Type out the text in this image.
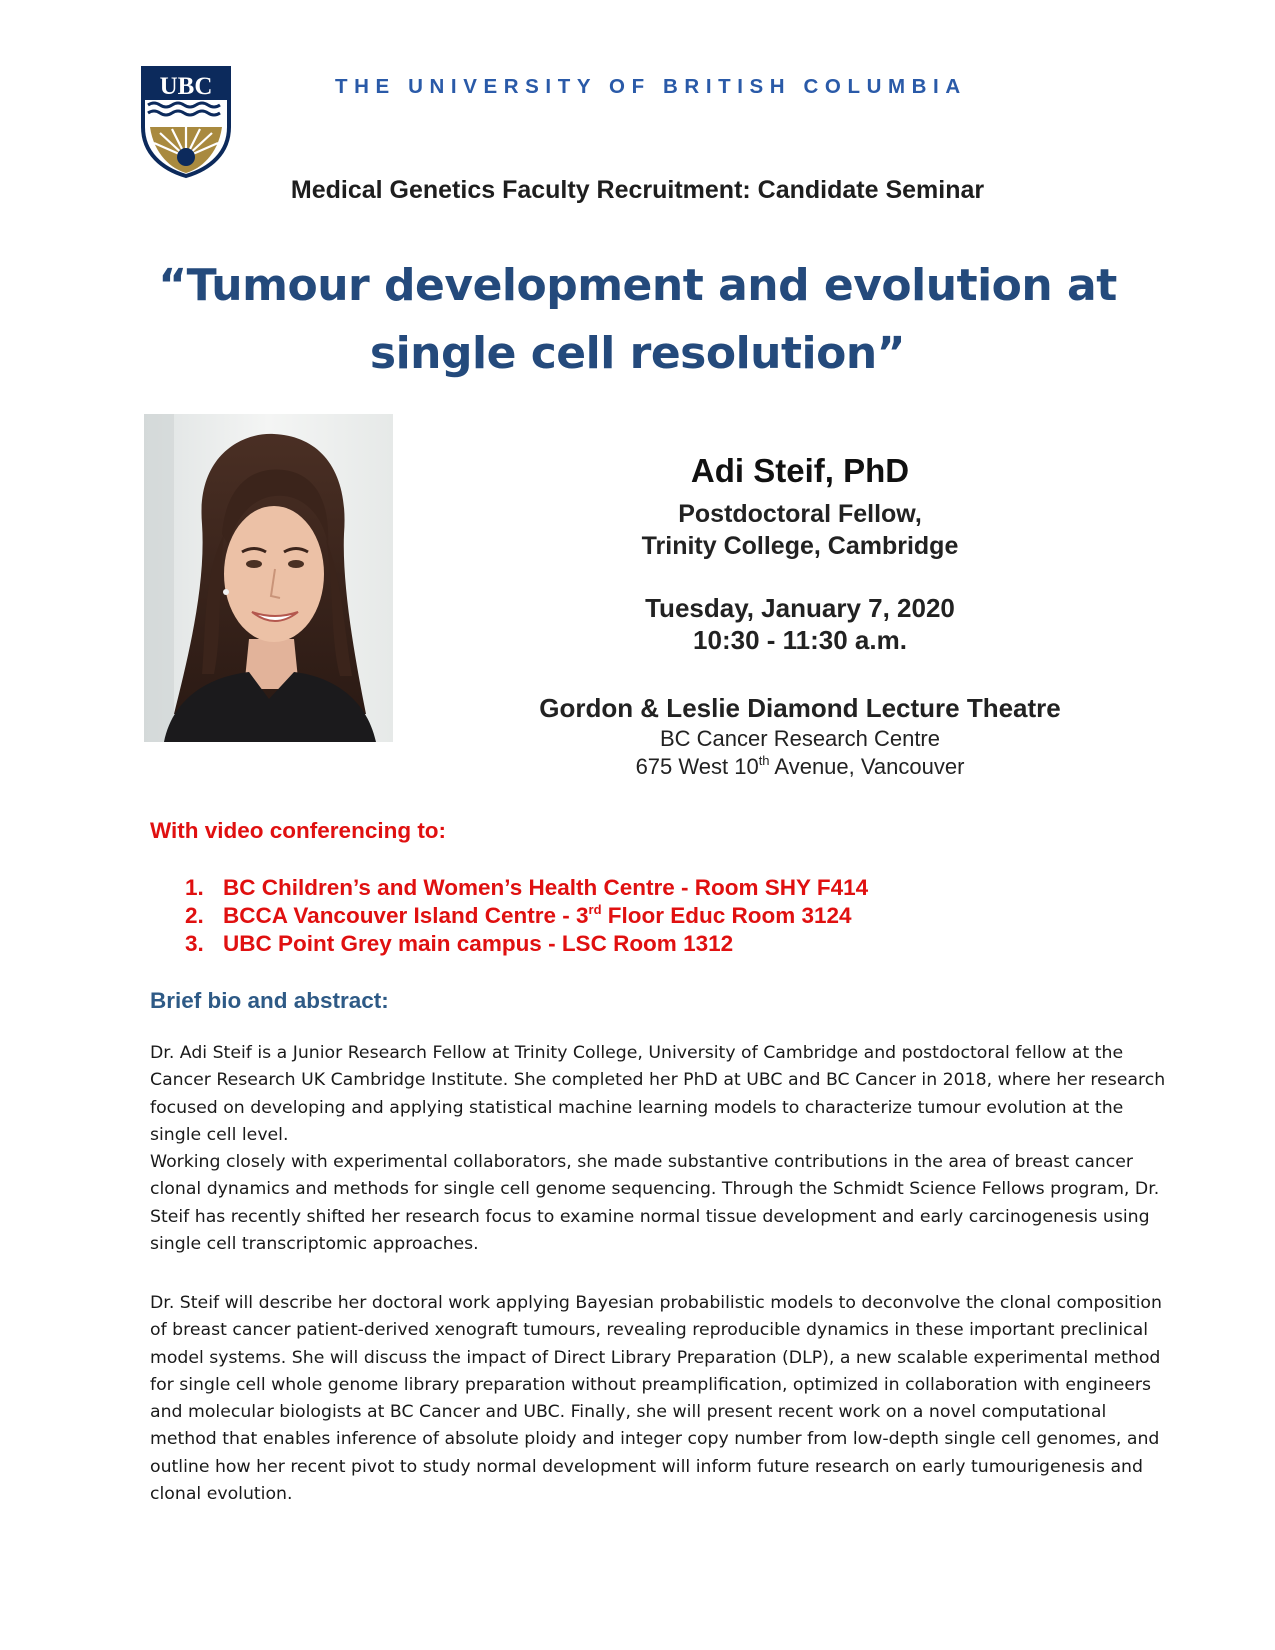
UBC	THE UNIVERSITY OF BRITISH COLUMBIA
Medical Genetics Faculty Recruitment: Candidate Seminar
“Tumour development and evolution at
single cell resolution”
Adi Steif, PhD
Postdoctoral Fellow,
Trinity College, Cambridge
Tuesday, January 7, 2020
10:30 - 11:30 a.m.
Gordon & Leslie Diamond Lecture Theatre
BC Cancer Research Centre
675 West 10th Avenue, Vancouver
With video conferencing to:
1. BC Children’s and Women’s Health Centre - Room SHY F414
2. BCCA Vancouver Island Centre - 3rd Floor Educ Room 3124
3. UBC Point Grey main campus - LSC Room 1312
Brief bio and abstract:

Dr. Adi Steif is a Junior Research Fellow at Trinity College, University of Cambridge and postdoctoral fellow at the Cancer Research UK Cambridge Institute. She completed her PhD at UBC and BC Cancer in 2018, where her research focused on developing and applying statistical machine learning models to characterize tumour evolution at the single cell level.

Working closely with experimental collaborators, she made substantive contributions in the area of breast cancer clonal dynamics and methods for single cell genome sequencing. Through the Schmidt Science Fellows program, Dr. Steif has recently shifted her research focus to examine normal tissue development and early carcinogenesis using single cell transcriptomic approaches.

Dr. Steif will describe her doctoral work applying Bayesian probabilistic models to deconvolve the clonal composition of breast cancer patient-derived xenograft tumours, revealing reproducible dynamics in these important preclinical model systems. She will discuss the impact of Direct Library Preparation (DLP), a new scalable experimental method for single cell whole genome library preparation without preamplification, optimized in collaboration with engineers and molecular biologists at BC Cancer and UBC. Finally, she will present recent work on a novel computational method that enables inference of absolute ploidy and integer copy number from low-depth single cell genomes, and outline how her recent pivot to study normal development will inform future research on early tumourigenesis and clonal evolution.
